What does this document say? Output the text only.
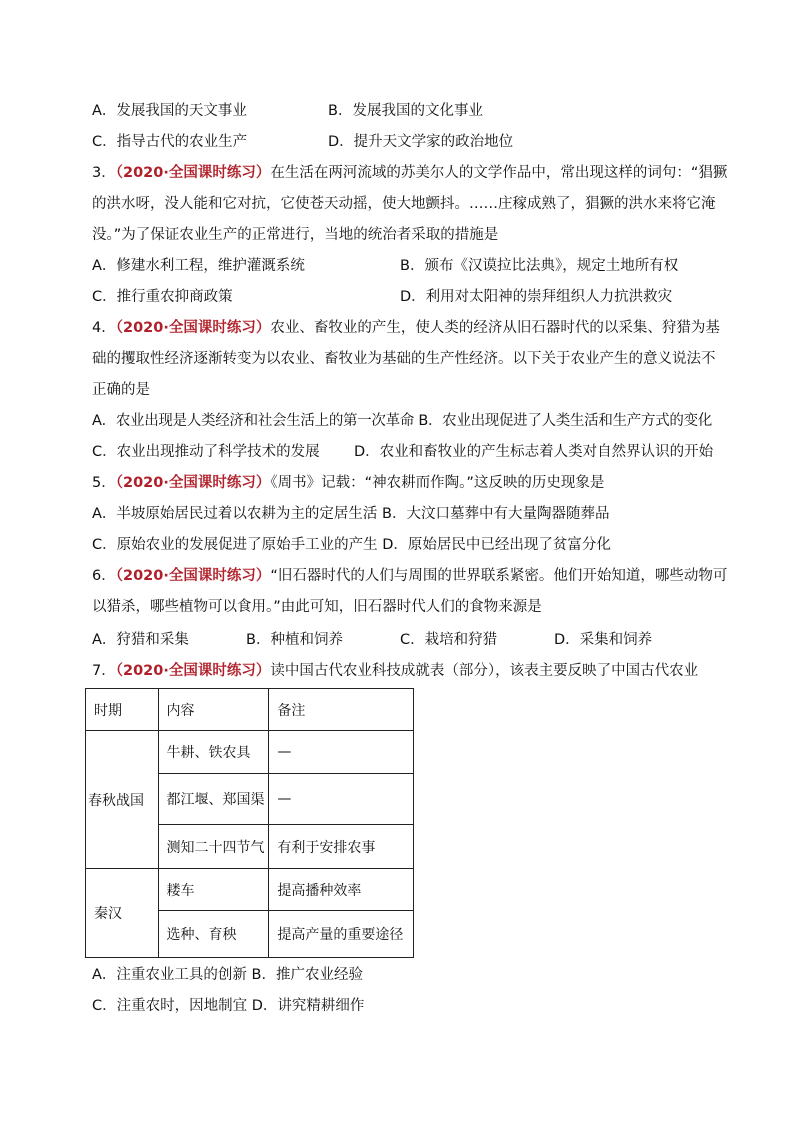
A．发展我国的天文事业	B．发展我国的文化事业
C．指导古代的农业生产	D．提升天文学家的政治地位
3．（2020·全国课时练习）在生活在两河流域的苏美尔人的文学作品中，常出现这样的词句：“猖獗
的洪水呀，没人能和它对抗，它使苍天动摇，使大地颤抖。……庄稼成熟了，猖獗的洪水来将它淹
没。”为了保证农业生产的正常进行，当地的统治者采取的措施是
A．修建水利工程，维护灌溉系统	B．颁布《汉谟拉比法典》，规定土地所有权
C．推行重农抑商政策	D．利用对太阳神的崇拜组织人力抗洪救灾
4．（2020·全国课时练习）农业、畜牧业的产生，使人类的经济从旧石器时代的以采集、狩猎为基
础的攫取性经济逐渐转变为以农业、畜牧业为基础的生产性经济。以下关于农业产生的意义说法不
正确的是
A．农业出现是人类经济和社会生活上的第一次革命 B．农业出现促进了人类生活和生产方式的变化
C．农业出现推动了科学技术的发展 D．农业和畜牧业的产生标志着人类对自然界认识的开始
5．（2020·全国课时练习）《周书》记载：“神农耕而作陶。”这反映的历史现象是
A．半坡原始居民过着以农耕为主的定居生活 B．大汶口墓葬中有大量陶器随葬品
C．原始农业的发展促进了原始手工业的产生 D．原始居民中已经出现了贫富分化
6．（2020·全国课时练习）“旧石器时代的人们与周围的世界联系紧密。他们开始知道，哪些动物可
以猎杀，哪些植物可以食用。”由此可知，旧石器时代人们的食物来源是
A．狩猎和采集	B．种植和饲养	C．栽培和狩猎	D．采集和饲养
7．（2020·全国课时练习）读中国古代农业科技成就表（部分），该表主要反映了中国古代农业
时期	内容	备注
春秋战国	牛耕、铁农具	—
	都江堰、郑国渠	—
	测知二十四节气	有利于安排农事
秦汉	耧车	提高播种效率
	选种、育秧	提高产量的重要途径
A．注重农业工具的创新 B．推广农业经验
C．注重农时，因地制宜 D．讲究精耕细作
